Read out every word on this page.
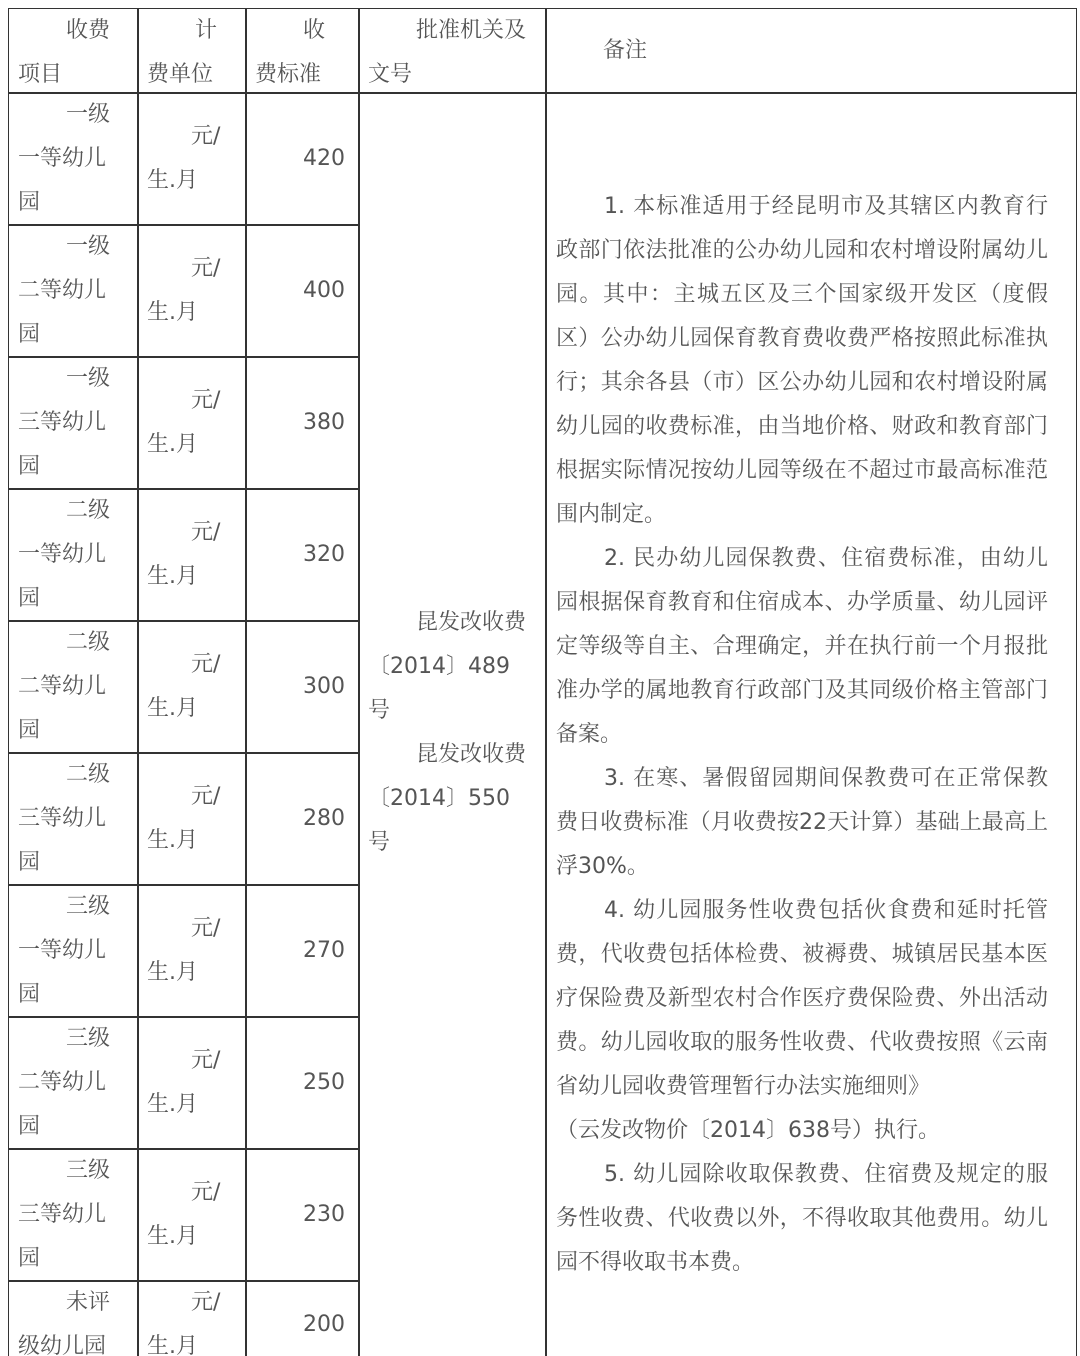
收费
项目
计
费单位
收
费标准
批准机关及
文号
备注
一级
一等幼儿
园
元/
生.月
420
一级
二等幼儿
园
元/
生.月
400
一级
三等幼儿
园
元/
生.月
380
二级
一等幼儿
园
元/
生.月
320
二级
二等幼儿
园
元/
生.月
300
二级
三等幼儿
园
元/
生.月
280
三级
一等幼儿
园
元/
生.月
270
三级
二等幼儿
园
元/
生.月
250
三级
三等幼儿
园
元/
生.月
230
未评
级幼儿园
元/
生.月
200
昆发改收费
〔2014〕489
号
昆发改收费
〔2014〕550
号

1. 本标准适用于经昆明市及其辖区内教育行政部门依法批准的公办幼儿园和农村增设附属幼儿园。其中：主城五区及三个国家级开发区（度假区）公办幼儿园保育教育费收费严格按照此标准执行；其余各县（市）区公办幼儿园和农村增设附属幼儿园的收费标准，由当地价格、财政和教育部门根据实际情况按幼儿园等级在不超过市最高标准范围内制定。

2. 民办幼儿园保教费、住宿费标准，由幼儿园根据保育教育和住宿成本、办学质量、幼儿园评定等级等自主、合理确定，并在执行前一个月报批准办学的属地教育行政部门及其同级价格主管部门备案。

3. 在寒、暑假留园期间保教费可在正常保教费日收费标准（月收费按22天计算）基础上最高上浮30%。

4. 幼儿园服务性收费包括伙食费和延时托管费，代收费包括体检费、被褥费、城镇居民基本医疗保险费及新型农村合作医疗费保险费、外出活动费。幼儿园收取的服务性收费、代收费按照《云南省幼儿园收费管理暂行办法实施细则》

（云发改物价〔2014〕638号）执行。

5. 幼儿园除收取保教费、住宿费及规定的服务性收费、代收费以外，不得收取其他费用。幼儿园不得收取书本费。
